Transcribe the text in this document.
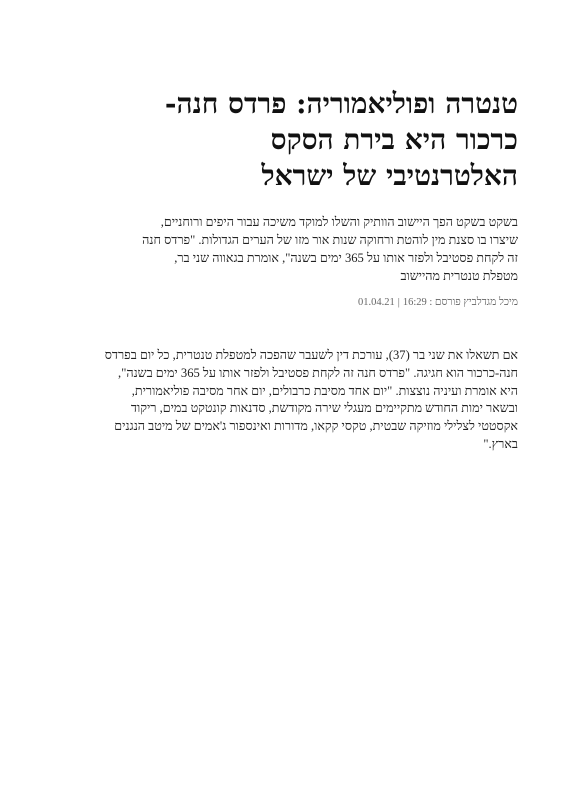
טנטרה ופוליאמוריה: פרדס חנה-
כרכור היא בירת הסקס
האלטרנטיבי של ישראל

בשקט בשקט הפך היישוב הוותיק והשלו למוקד משיכה עבור היפים ורוחניים,
שיצרו בו סצנת מין לוהטת ורחוקה שנות אור מזו של הערים הגדולות. "פרדס חנה
זה לקחת פסטיבל ולפזר אותו על 365 ימים בשנה", אומרת בגאווה שני בר,
מטפלת טנטרית מהיישוב

מיכל מגדלביץ פורסם : 01.04.21 | 16:29

אם תשאלו את שני בר (37), עורכת דין לשעבר שהפכה למטפלת טנטרית, כל יום בפרדס
חנה-כרכור הוא חגיגה. "פרדס חנה זה לקחת פסטיבל ולפזר אותו על 365 ימים בשנה",
היא אומרת ועיניה נוצצות. "יום אחד מסיבת כרבולים, יום אחר מסיבה פוליאמורית,
ובשאר ימות החודש מתקיימים מעגלי שירה מקודשת, סדנאות קונטקט במים, ריקוד
אקסטטי לצלילי מוזיקה שבטית, טקסי קקאו, מדורות ואינספור ג'אמים של מיטב הנגנים
בארץ."
